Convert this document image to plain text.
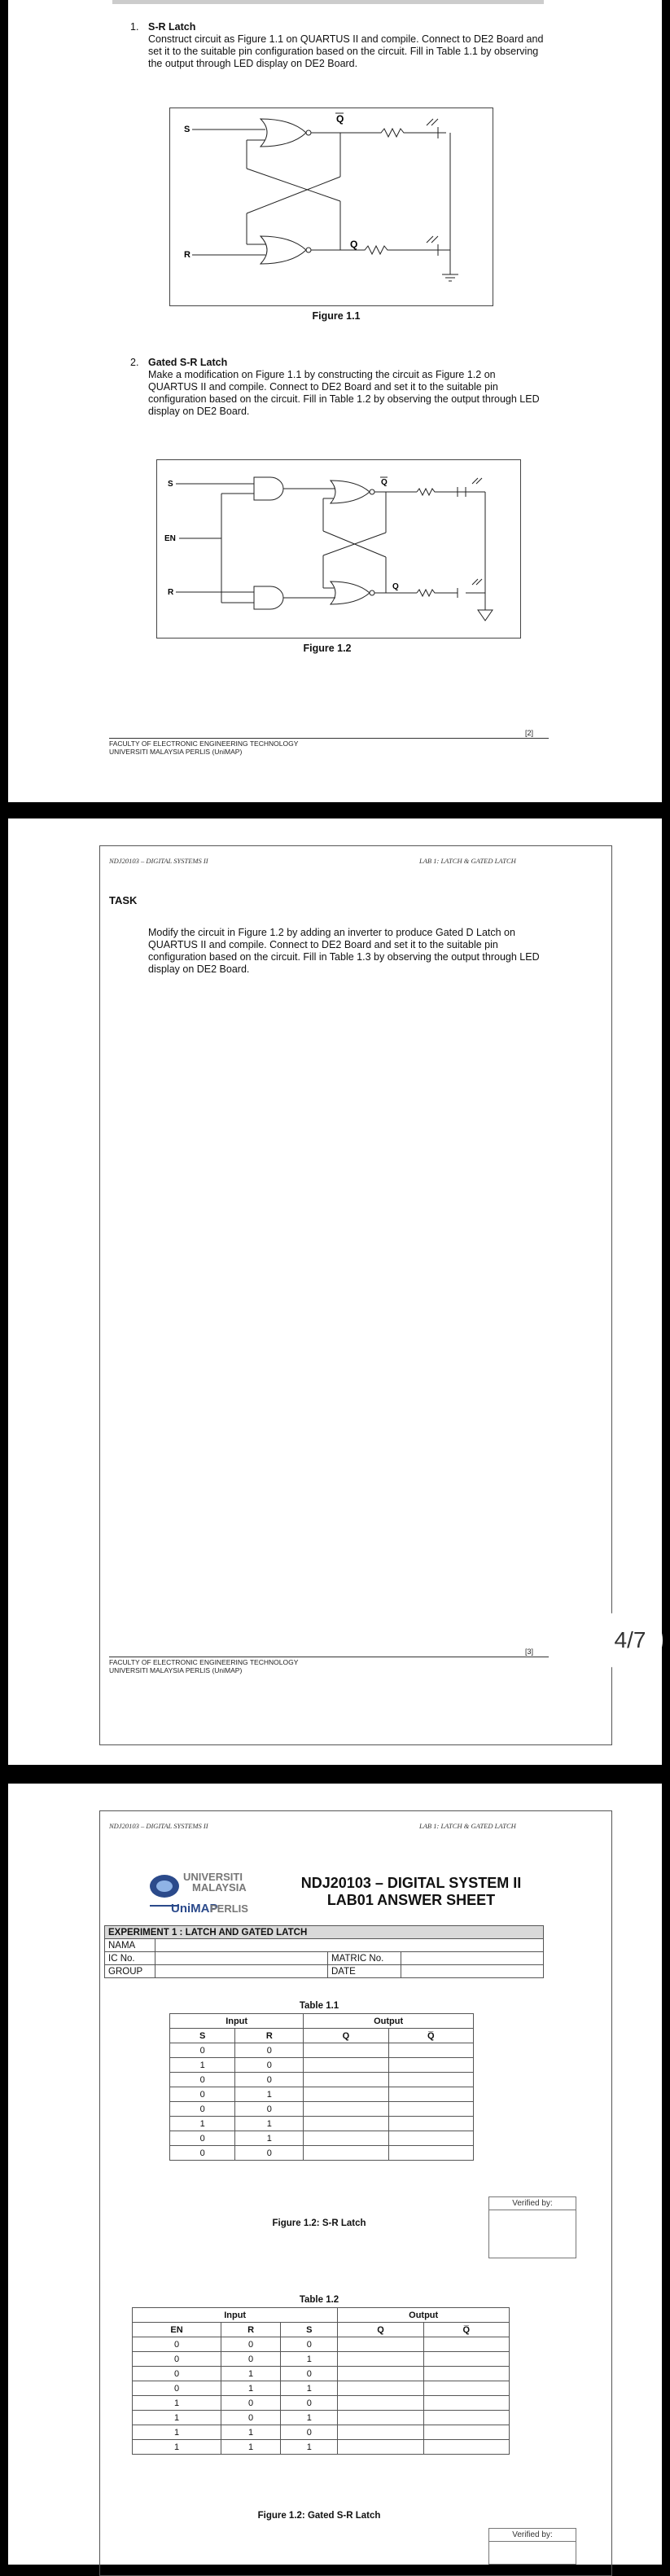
1. S-R Latch
Construct circuit as Figure 1.1 on QUARTUS II and compile. Connect to DE2 Board and set it to the suitable pin configuration based on the circuit. Fill in Table 1.1 by observing the output through LED display on DE2 Board.
S
R
Q
Q
Figure 1.1
2. Gated S-R Latch
Make a modification on Figure 1.1 by constructing the circuit as Figure 1.2 on QUARTUS II and compile. Connect to DE2 Board and set it to the suitable pin configuration based on the circuit. Fill in Table 1.2 by observing the output through LED display on DE2 Board.
S
EN
R
Q
Q
Figure 1.2
[2]
FACULTY OF ELECTRONIC ENGINEERING TECHNOLOGY
UNIVERSITI MALAYSIA PERLIS (UniMAP)
NDJ20103 – DIGITAL SYSTEMS II	LAB 1: LATCH & GATED LATCH
TASK
Modify the circuit in Figure 1.2 by adding an inverter to produce Gated D Latch on QUARTUS II and compile. Connect to DE2 Board and set it to the suitable pin configuration based on the circuit. Fill in Table 1.3 by observing the output through LED display on DE2 Board.
[3]
FACULTY OF ELECTRONIC ENGINEERING TECHNOLOGY
UNIVERSITI MALAYSIA PERLIS (UniMAP)
4/7
NDJ20103 – DIGITAL SYSTEMS II	LAB 1: LATCH & GATED LATCH
UNIVERSITI
MALAYSIA
UniMAP
PERLIS
NDJ20103 – DIGITAL SYSTEM II
LAB01 ANSWER SHEET
EXPERIMENT 1 : LATCH AND GATED LATCH			
NAMA			
IC No.		MATRIC No.	
GROUP		DATE	
Table 1.1
Input		Output	
S	R	Q	Q̅
0	0		
1	0		
0	0		
0	1		
0	0		
1	1		
0	1		
0	0		
Figure 1.2: S-R Latch
Verified by:
Table 1.2
Input			Output	
EN	R	S	Q	Q̅
0	0	0		
0	0	1		
0	1	0		
0	1	1		
1	0	0		
1	0	1		
1	1	0		
1	1	1		
Figure 1.2: Gated S-R Latch
Verified by:
